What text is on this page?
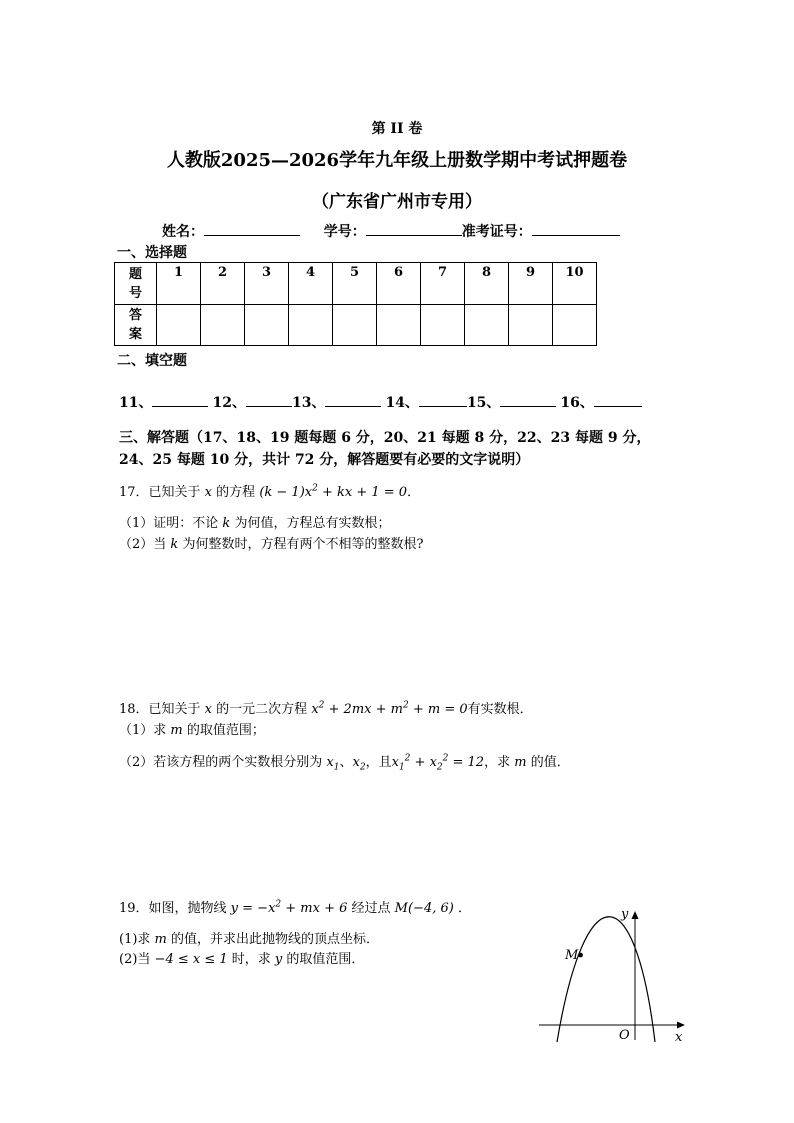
第 II 卷
人教版2025—2026学年九年级上册数学期中考试押题卷
（广东省广州市专用）
姓名：	学号：	准考证号：
一、选择题
题
号	1	2	3	4	5	6	7	8	9	10

答
案										

二、填空题
11、	12、	13、	14、	15、	16、
三、解答题（17、18、19 题每题 6 分，20、21 每题 8 分，22、23 每题 9 分，
24、25 每题 10 分，共计 72 分，解答题要有必要的文字说明）
17．已知关于 x 的方程 $(k - 1)x^2$ + kx + 1 = 0．
（1）证明：不论 k 为何值，方程总有实数根；
（2）当 k 为何整数时，方程有两个不相等的整数根?
18．已知关于 x 的一元二次方程 $x^2 + 2mx + m^2 + m = 0$有实数根．
（1）求 m 的取值范围；
（2）若该方程的两个实数根分别为 $x_1$、$x_2$，且$x_1^2 + x_2^2 = 12$，求 m 的值．
19．如图，抛物线 $y = -x^2$ + mx + 6 经过点 M(−4, 6) ．
(1)求 m 的值，并求出此抛物线的顶点坐标．
(2)当 −4 ≤ x ≤ 1 时，求 y 的取值范围．	M
y
x
O
